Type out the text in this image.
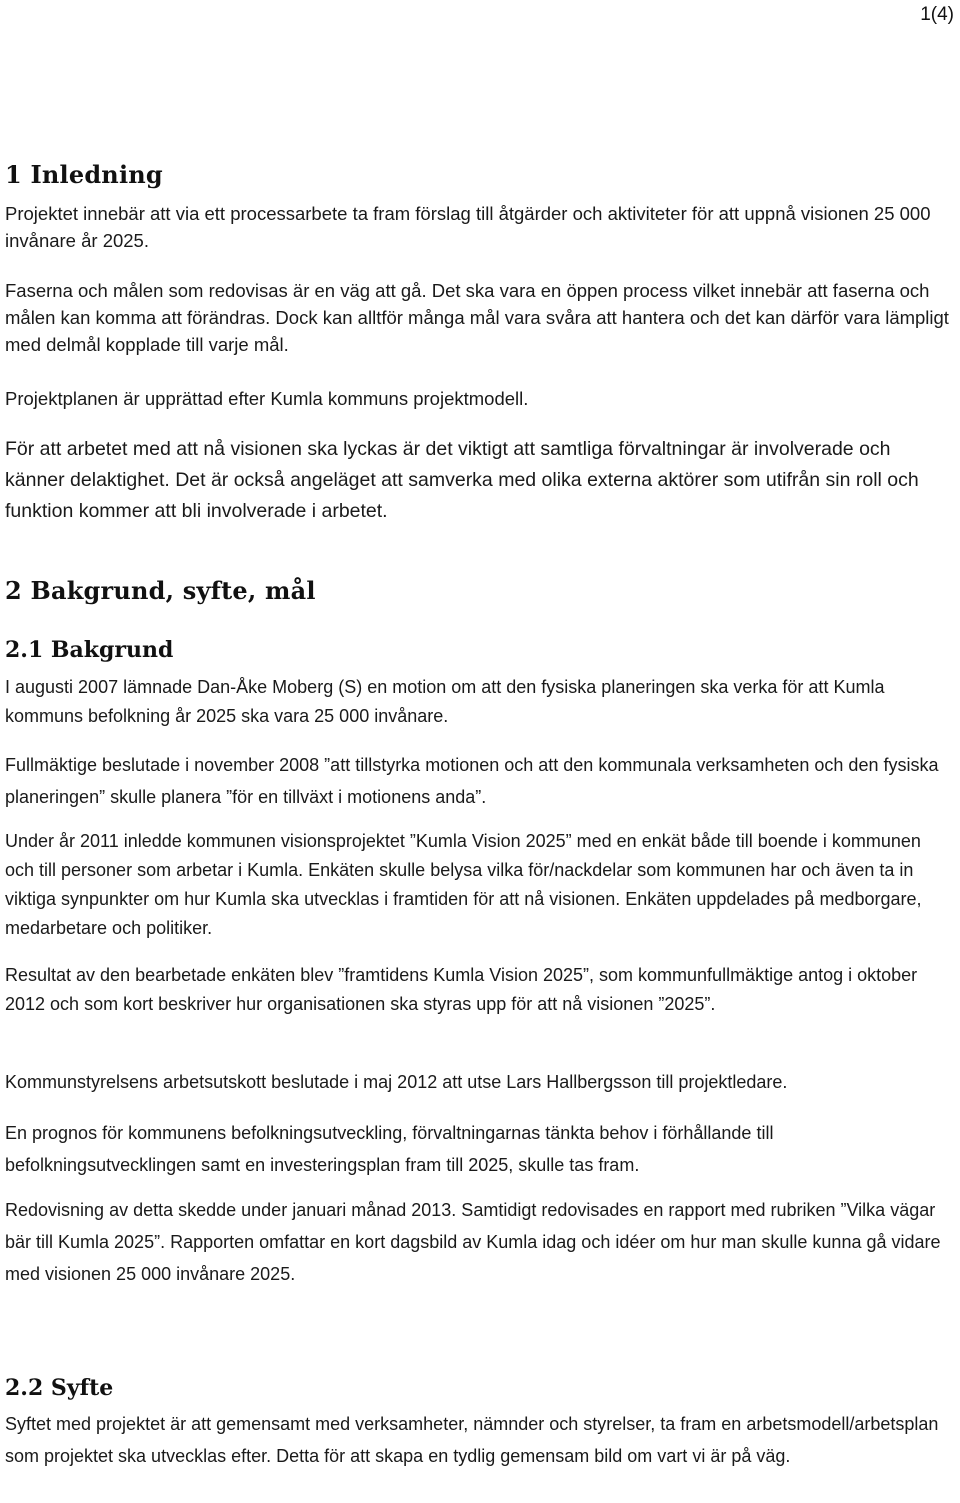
1(4)
1 Inledning

Projektet innebär att via ett processarbete ta fram förslag till åtgärder och aktiviteter för att uppnå visionen 25 000 invånare år 2025.

Faserna och målen som redovisas är en väg att gå. Det ska vara en öppen process vilket innebär att faserna och målen kan komma att förändras. Dock kan alltför många mål vara svåra att hantera och det kan därför vara lämpligt med delmål kopplade till varje mål.

Projektplanen är upprättad efter Kumla kommuns projektmodell.

För att arbetet med att nå visionen ska lyckas är det viktigt att samtliga förvaltningar är involverade och känner delaktighet. Det är också angeläget att samverka med olika externa aktörer som utifrån sin roll och funktion kommer att bli involverade i arbetet.

2 Bakgrund, syfte, mål
2.1 Bakgrund

I augusti 2007 lämnade Dan-Åke Moberg (S) en motion om att den fysiska planeringen ska verka för att Kumla kommuns befolkning år 2025 ska vara 25 000 invånare.

Fullmäktige beslutade i november 2008 ”att tillstyrka motionen och att den kommunala verksamheten och den fysiska planeringen” skulle planera ”för en tillväxt i motionens anda”.

Under år 2011 inledde kommunen visionsprojektet ”Kumla Vision 2025” med en enkät både till boende i kommunen och till personer som arbetar i Kumla. Enkäten skulle belysa vilka för/nackdelar som kommunen har och även ta in viktiga synpunkter om hur Kumla ska utvecklas i framtiden för att nå visionen. Enkäten uppdelades på medborgare, medarbetare och politiker.

Resultat av den bearbetade enkäten blev ”framtidens Kumla Vision 2025”, som kommunfullmäktige antog i oktober 2012 och som kort beskriver hur organisationen ska styras upp för att nå visionen ”2025”.

Kommunstyrelsens arbetsutskott beslutade i maj 2012 att utse Lars Hallbergsson till projektledare.

En prognos för kommunens befolkningsutveckling, förvaltningarnas tänkta behov i förhållande till befolkningsutvecklingen samt en investeringsplan fram till 2025, skulle tas fram.

Redovisning av detta skedde under januari månad 2013. Samtidigt redovisades en rapport med rubriken ”Vilka vägar bär till Kumla 2025”. Rapporten omfattar en kort dagsbild av Kumla idag och idéer om hur man skulle kunna gå vidare med visionen 25 000 invånare 2025.

2.2 Syfte

Syftet med projektet är att gemensamt med verksamheter, nämnder och styrelser, ta fram en arbetsmodell/arbetsplan som projektet ska utvecklas efter. Detta för att skapa en tydlig gemensam bild om vart vi är på väg.
